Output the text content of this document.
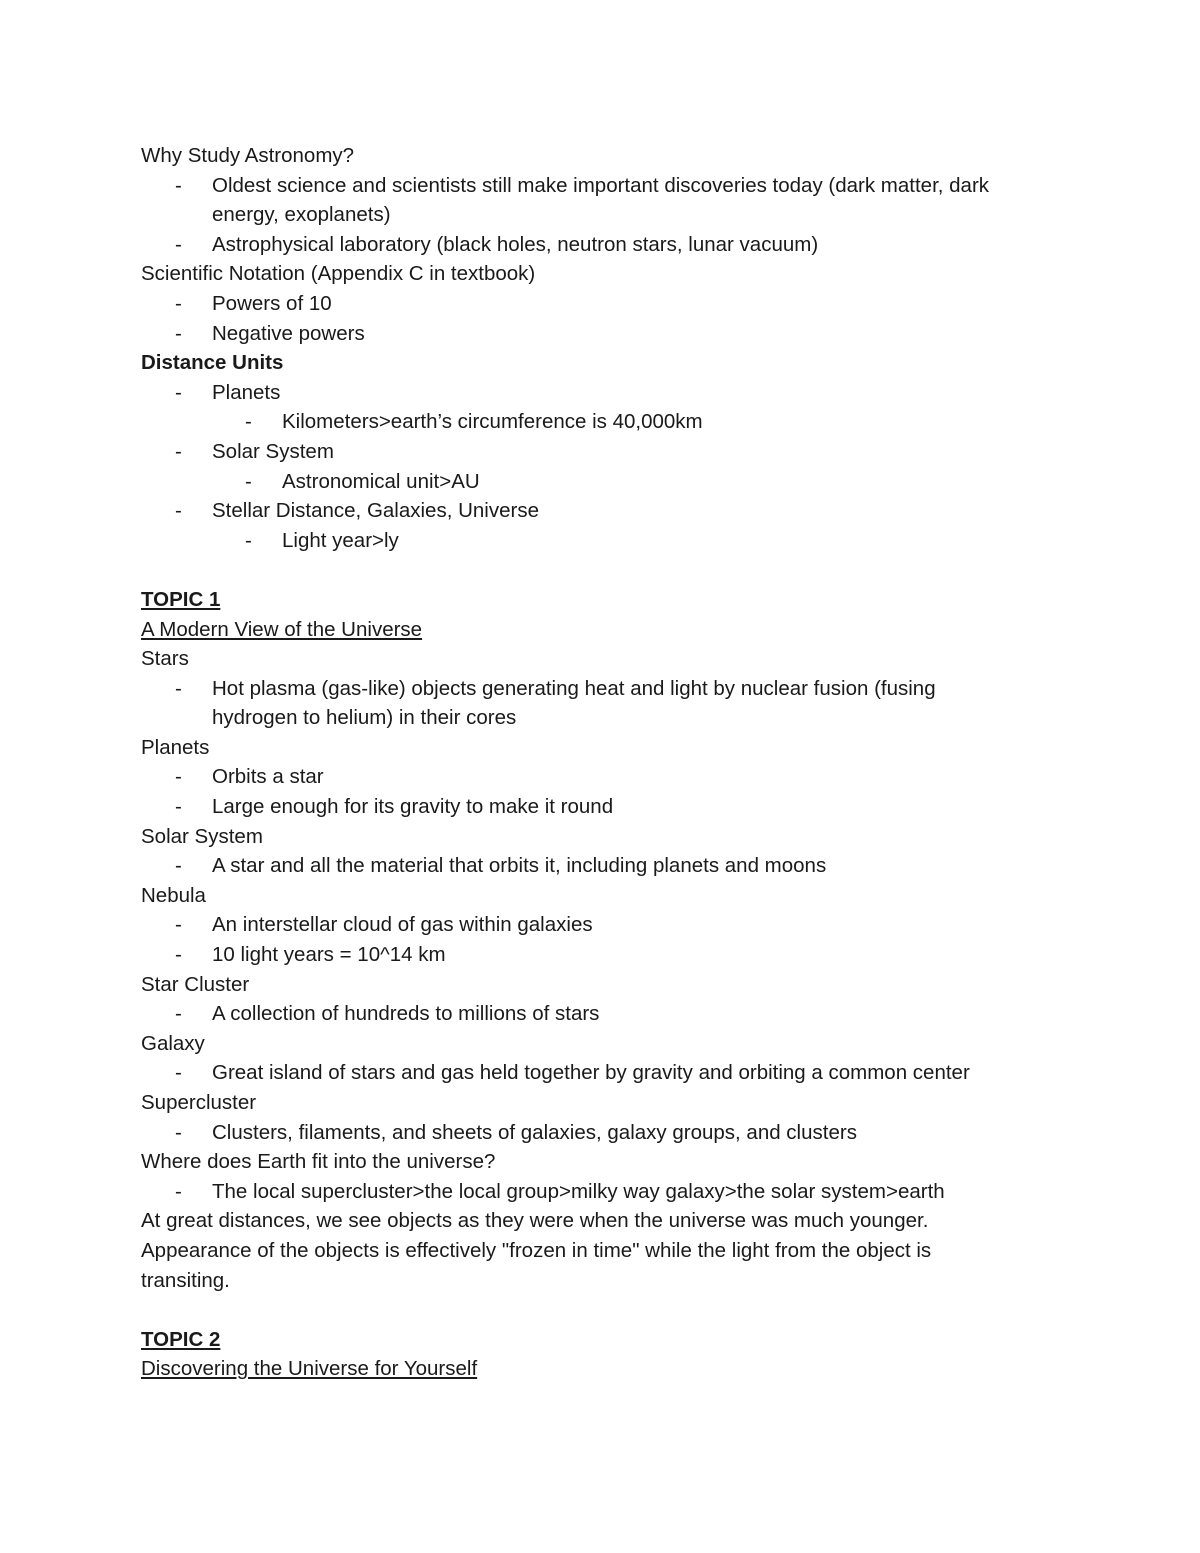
Why Study Astronomy?
- Oldest science and scientists still make important discoveries today (dark matter, dark energy, exoplanets)
- Astrophysical laboratory (black holes, neutron stars, lunar vacuum)
Scientific Notation (Appendix C in textbook)
- Powers of 10
- Negative powers
Distance Units
- Planets
- Kilometers>earth’s circumference is 40,000km
- Solar System
- Astronomical unit>AU
- Stellar Distance, Galaxies, Universe
- Light year>ly
TOPIC 1
A Modern View of the Universe
Stars
- Hot plasma (gas-like) objects generating heat and light by nuclear fusion (fusing hydrogen to helium) in their cores
Planets
- Orbits a star
- Large enough for its gravity to make it round
Solar System
- A star and all the material that orbits it, including planets and moons
Nebula
- An interstellar cloud of gas within galaxies
- 10 light years = 10^14 km
Star Cluster
- A collection of hundreds to millions of stars
Galaxy
- Great island of stars and gas held together by gravity and orbiting a common center
Supercluster
- Clusters, filaments, and sheets of galaxies, galaxy groups, and clusters
Where does Earth fit into the universe?
- The local supercluster>the local group>milky way galaxy>the solar system>earth
At great distances, we see objects as they were when the universe was much younger. Appearance of the objects is effectively "frozen in time" while the light from the object is transiting.
TOPIC 2
Discovering the Universe for Yourself
